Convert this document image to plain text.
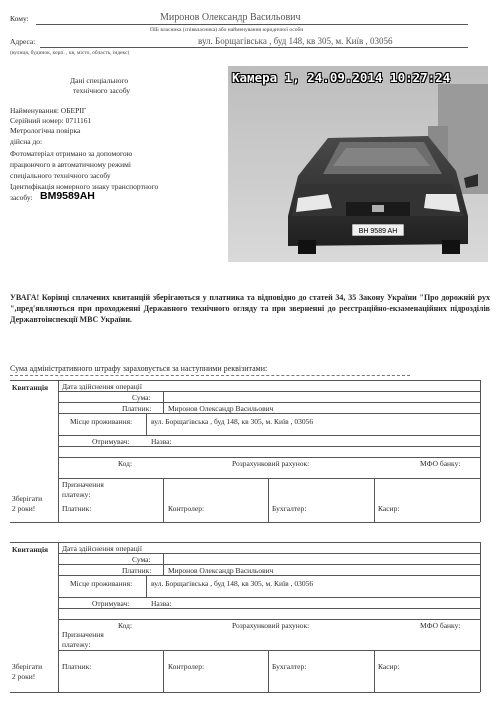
Кому:	Миронов Олександр Васильович
ПІБ власника (співвласника) або найменування юридичної особи
Адреса:	вул. Борщагівська , буд 148, кв 305, м. Київ , 03056
(вулиця, будинок, корп. , кв, місто, область, індекс)
Дані спеціального
технічного засобу
Найменування: ОБЕРІГ
Серійний номер: 0711161
Метрологічна повірка
дійсна до:
Фотоматеріал отримано за допомогою
працюючого в автоматичному режимі
спеціального технічного засобу
Ідентифікація номерного знаку транспортного
засобу: BM9589AH
BH 9589 AH
Камера 1, 24.09.2014 10:27:24
УВАГА! Корінці сплачених квитанцій зберігаються у платника та відповідно до статей 34, 35 Закону України "Про дорожній рух ",пред'являються при проходженні Державного технічного огляду та при зверненні до реєстраційно-екзаменаційних підрозділів Державтоінспекції МВС України.
Сума адміністративного штрафу зараховується за наступними реквізитами:
Квитанція Дата здійснення операції
Сума:
Платник: Миронов Олександр Васильович
Місце проживання:	вул. Борщагівська , буд 148, кв 305, м. Київ , 03056
Отримувач:	Назва:
Код:	Розрахунковий рахунок:	МФО банку:
Призначення
платежу:
Зберігати
2 роки!	Платник:	Контролер:	Бухгалтер:	Касир:
Квитанція Дата здійснення операції
Сума:
Платник: Миронов Олександр Васильович
Місце проживання:	вул. Борщагівська , буд 148, кв 305, м. Київ , 03056
Отримувач:	Назва:
Код:	Розрахунковий рахунок:	МФО банку:
Призначення
платежу:
Зберігати
2 роки!
Платник:	Контролер:	Бухгалтер:	Касир:
